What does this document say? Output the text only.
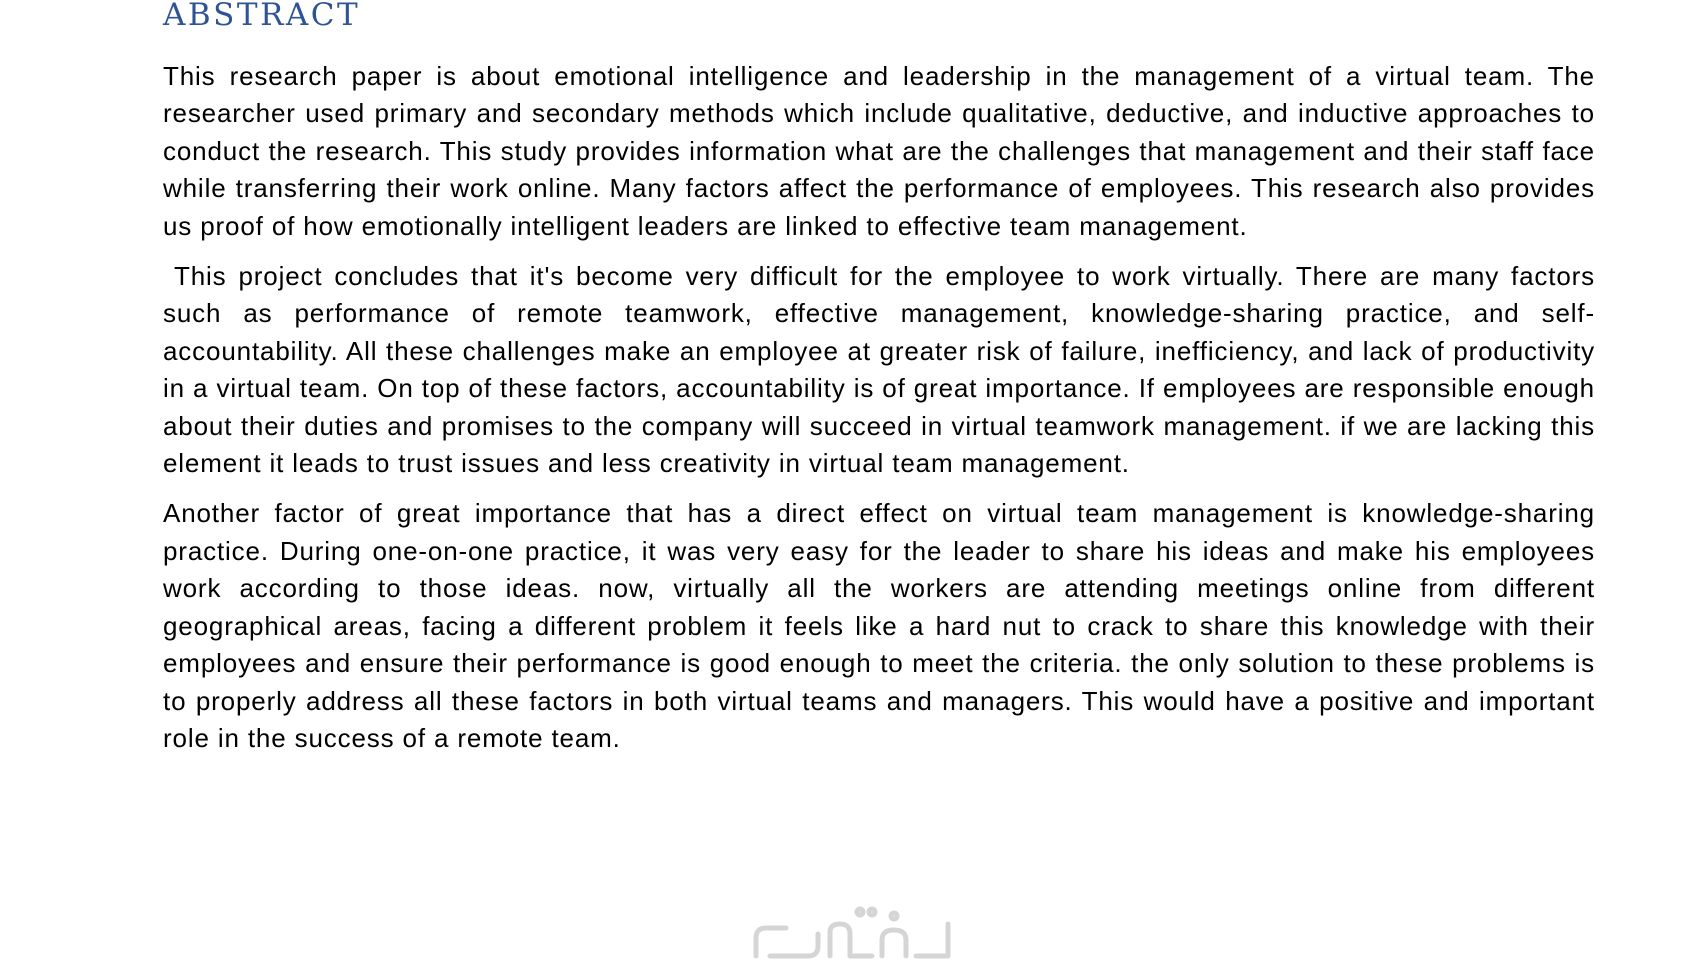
ABSTRACT

This research paper is about emotional intelligence and leadership in the management of a virtual team. The researcher used primary and secondary methods which include qualitative, deductive, and inductive approaches to conduct the research. This study provides information what are the challenges that management and their staff face while transferring their work online. Many factors affect the performance of employees. This research also provides us proof of how emotionally intelligent leaders are linked to effective team management.

This project concludes that it's become very difficult for the employee to work virtually. There are many factors such as performance of remote teamwork, effective management, knowledge-sharing practice, and self-accountability. All these challenges make an employee at greater risk of failure, inefficiency, and lack of productivity in a virtual team. On top of these factors, accountability is of great importance. If employees are responsible enough about their duties and promises to the company will succeed in virtual teamwork management. if we are lacking this element it leads to trust issues and less creativity in virtual team management.

Another factor of great importance that has a direct effect on virtual team management is knowledge-sharing practice. During one-on-one practice, it was very easy for the leader to share his ideas and make his employees work according to those ideas. now, virtually all the workers are attending meetings online from different geographical areas, facing a different problem it feels like a hard nut to crack to share this knowledge with their employees and ensure their performance is good enough to meet the criteria. the only solution to these problems is to properly address all these factors in both virtual teams and managers. This would have a positive and important role in the success of a remote team.
